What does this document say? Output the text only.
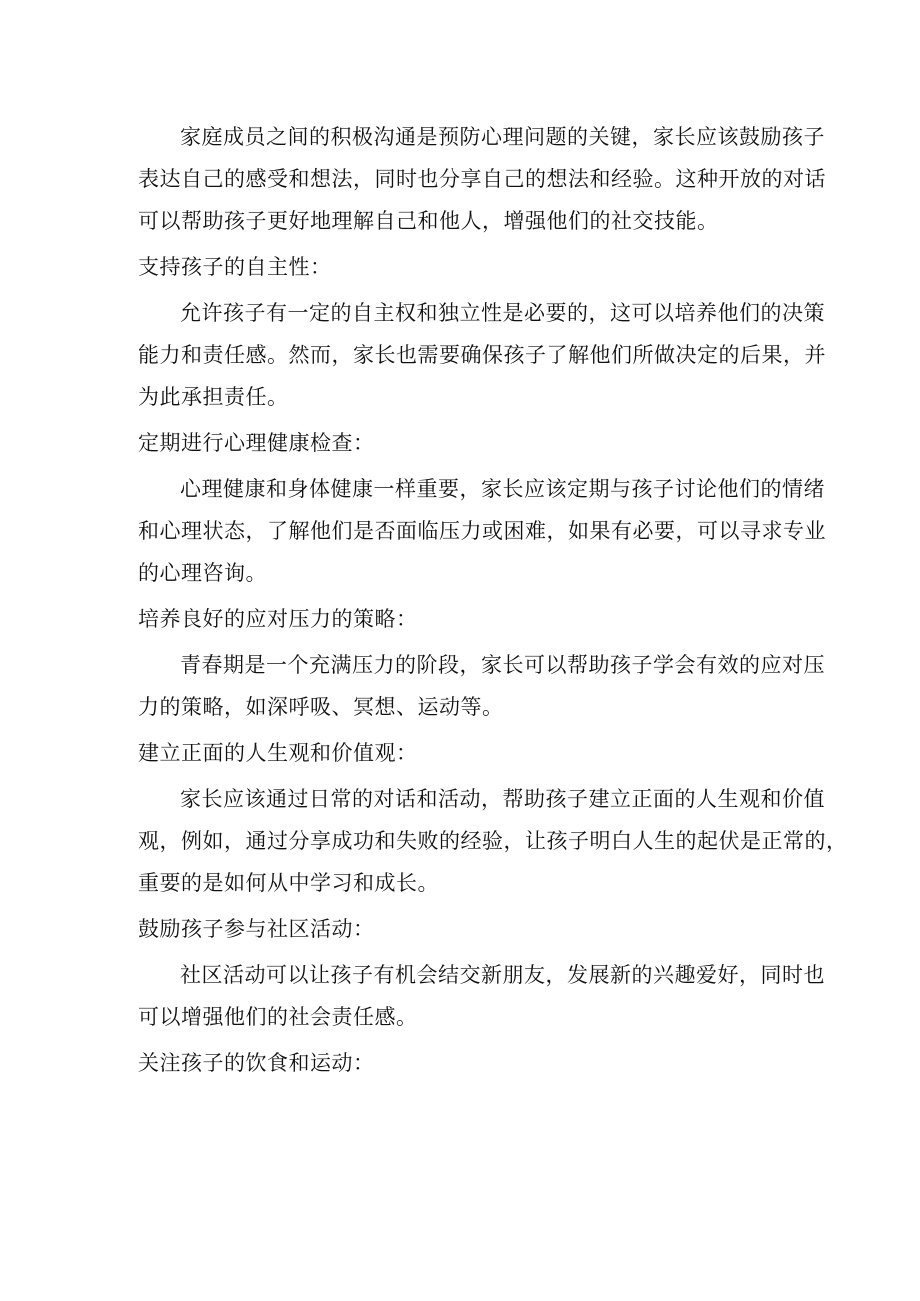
家庭成员之间的积极沟通是预防心理问题的关键，家长应该鼓励孩子
表达自己的感受和想法，同时也分享自己的想法和经验。这种开放的对话
可以帮助孩子更好地理解自己和他人，增强他们的社交技能。
支持孩子的自主性：
允许孩子有一定的自主权和独立性是必要的，这可以培养他们的决策
能力和责任感。然而，家长也需要确保孩子了解他们所做决定的后果，并
为此承担责任。
定期进行心理健康检查：
心理健康和身体健康一样重要，家长应该定期与孩子讨论他们的情绪
和心理状态，了解他们是否面临压力或困难，如果有必要，可以寻求专业
的心理咨询。
培养良好的应对压力的策略：
青春期是一个充满压力的阶段，家长可以帮助孩子学会有效的应对压
力的策略，如深呼吸、冥想、运动等。
建立正面的人生观和价值观：
家长应该通过日常的对话和活动，帮助孩子建立正面的人生观和价值
观，例如，通过分享成功和失败的经验，让孩子明白人生的起伏是正常的，
重要的是如何从中学习和成长。
鼓励孩子参与社区活动：
社区活动可以让孩子有机会结交新朋友，发展新的兴趣爱好，同时也
可以增强他们的社会责任感。
关注孩子的饮食和运动：
